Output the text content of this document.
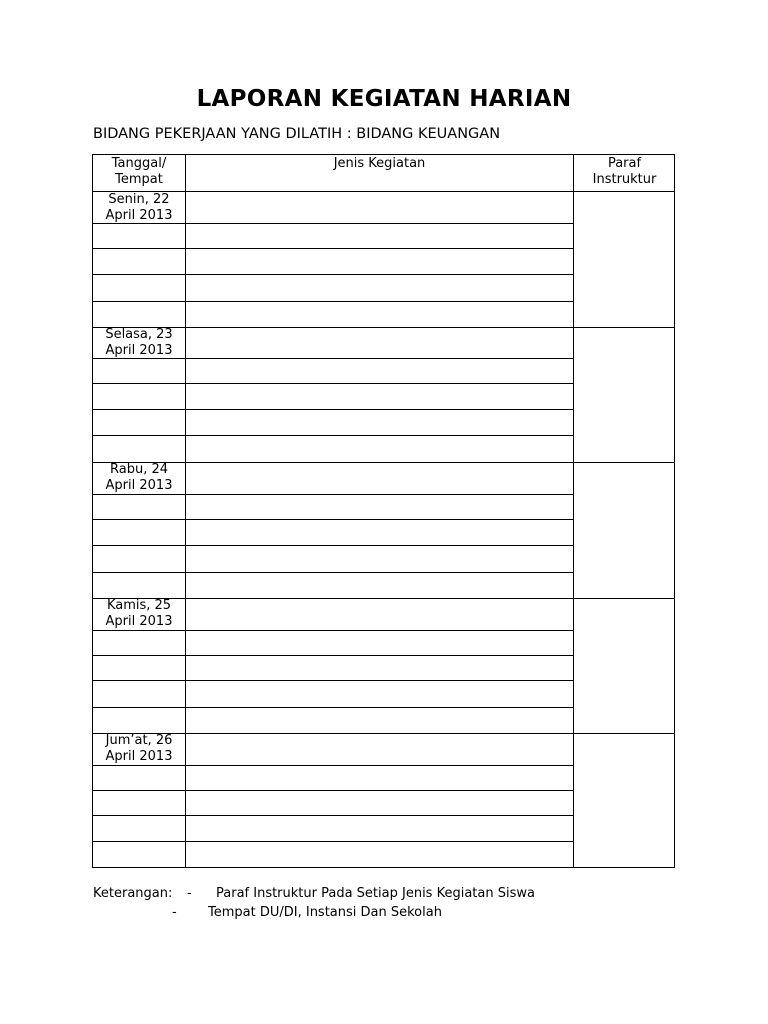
LAPORAN KEGIATAN HARIAN
BIDANG PEKERJAAN YANG DILATIH : BIDANG KEUANGAN
Tanggal/
Tempat
Jenis Kegiatan	Paraf
Instruktur
Senin, 22
April 2013
Selasa, 23
April 2013
Rabu, 24
April 2013
Kamis, 25
April 2013
Jum’at, 26
April 2013
Keterangan: - Paraf Instruktur Pada Setiap Jenis Kegiatan Siswa
- Tempat DU/DI, Instansi Dan Sekolah
